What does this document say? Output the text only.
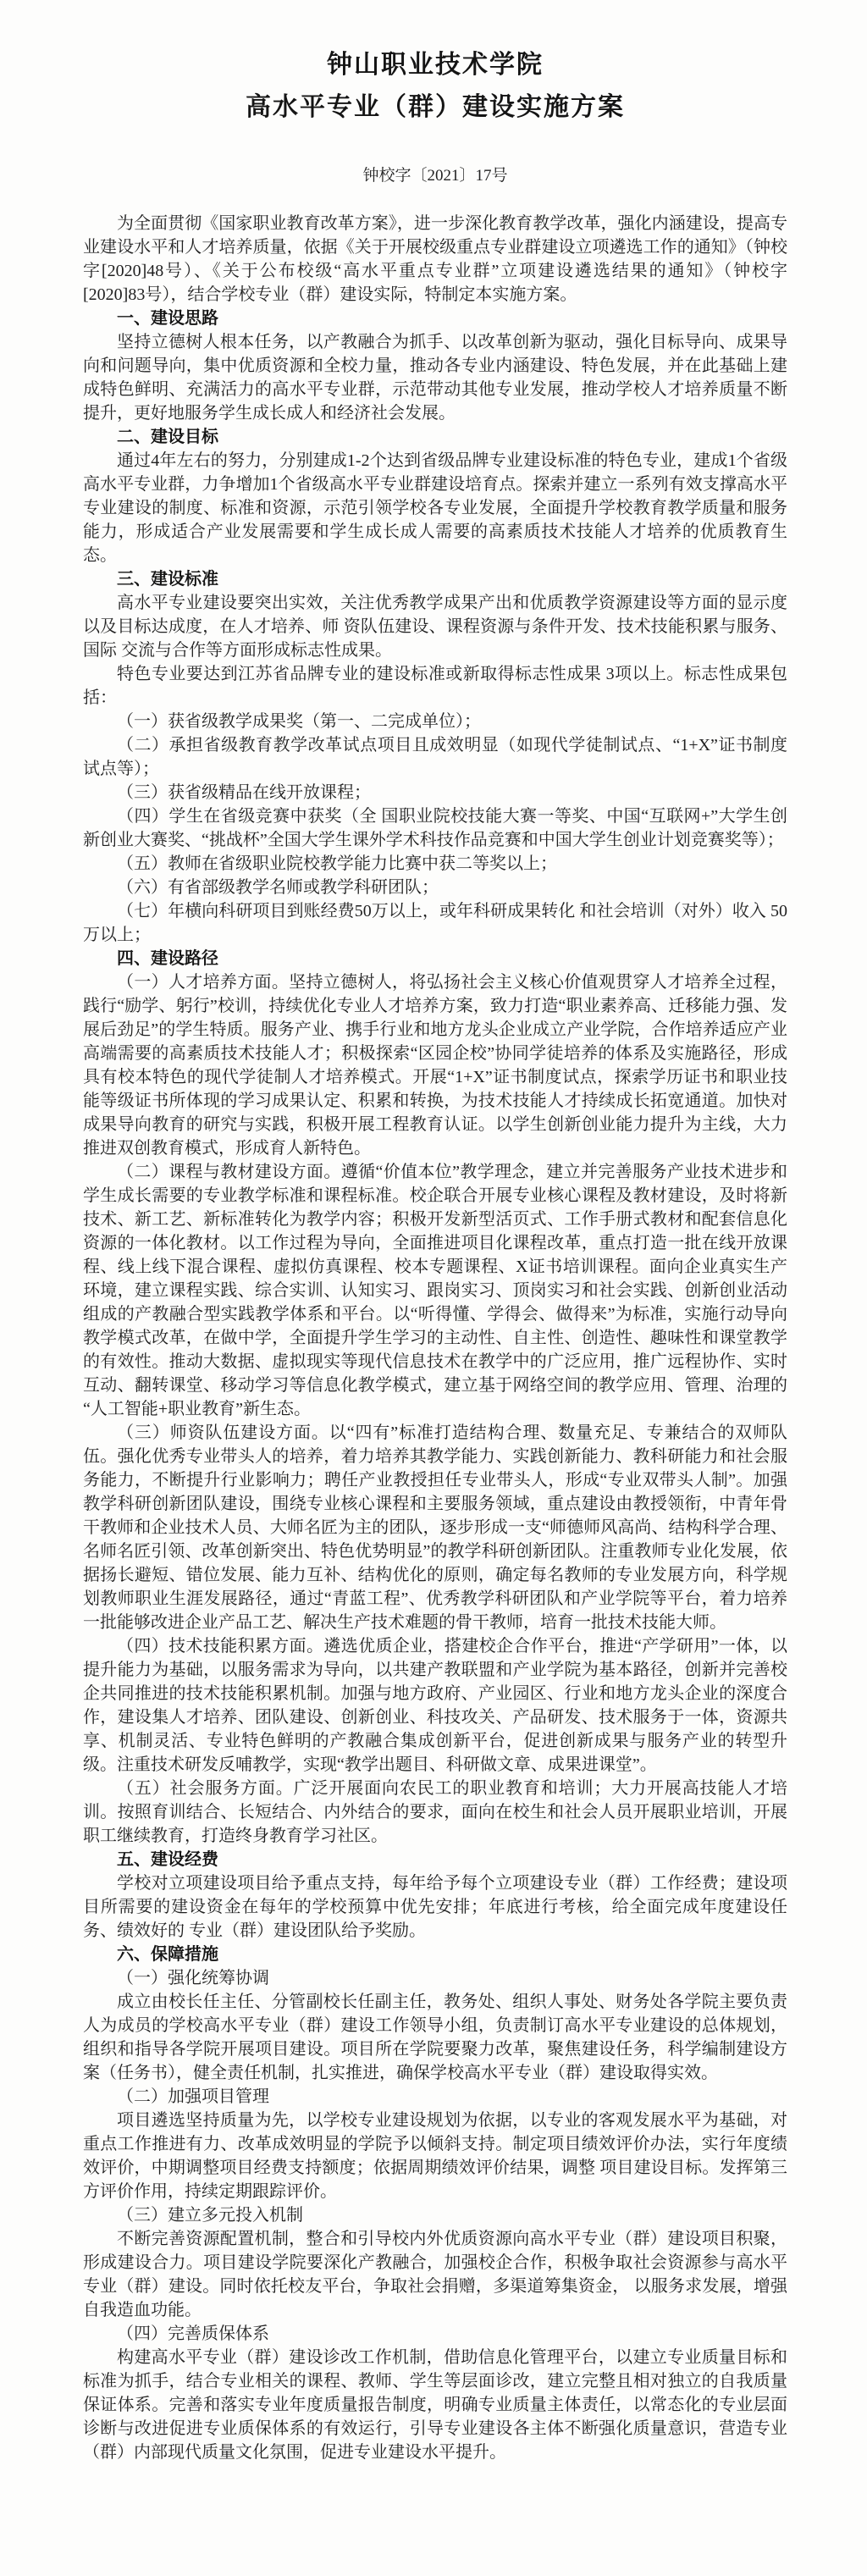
钟山职业技术学院
高水平专业（群）建设实施方案
钟校字〔2021〕17号

为全面贯彻《国家职业教育改革方案》，进一步深化教育教学改革，强化内涵建设，提高专业建设水平和人才培养质量，依据《关于开展校级重点专业群建设立项遴选工作的通知》（钟校字[2020]48号）、《关于公布校级“高水平重点专业群”立项建设遴选结果的通知》（钟校字[2020]83号），结合学校专业（群）建设实际，特制定本实施方案。

一、建设思路

坚持立德树人根本任务，以产教融合为抓手、以改革创新为驱动，强化目标导向、成果导向和问题导向，集中优质资源和全校力量，推动各专业内涵建设、特色发展，并在此基础上建成特色鲜明、充满活力的高水平专业群，示范带动其他专业发展，推动学校人才培养质量不断提升，更好地服务学生成长成人和经济社会发展。

二、建设目标

通过4年左右的努力，分别建成1-2个达到省级品牌专业建设标准的特色专业，建成1个省级高水平专业群，力争增加1个省级高水平专业群建设培育点。探索并建立一系列有效支撑高水平专业建设的制度、标准和资源，示范引领学校各专业发展，全面提升学校教育教学质量和服务能力，形成适合产业发展需要和学生成长成人需要的高素质技术技能人才培养的优质教育生态。

三、建设标准

高水平专业建设要突出实效，关注优秀教学成果产出和优质教学资源建设等方面的显示度以及目标达成度，在人才培养、师 资队伍建设、课程资源与条件开发、技术技能积累与服务、国际 交流与合作等方面形成标志性成果。

特色专业要达到江苏省品牌专业的建设标准或新取得标志性成果 3项以上。标志性成果包括：

（一）获省级教学成果奖（第一、二完成单位）；

（二）承担省级教育教学改革试点项目且成效明显（如现代学徒制试点、“1+X”证书制度试点等）；

（三）获省级精品在线开放课程；

（四）学生在省级竞赛中获奖（全 国职业院校技能大赛一等奖、中国“互联网+”大学生创新创业大赛奖、“挑战杯”全国大学生课外学术科技作品竞赛和中国大学生创业计划竞赛奖等）；

（五）教师在省级职业院校教学能力比赛中获二等奖以上；

（六）有省部级教学名师或教学科研团队；

（七）年横向科研项目到账经费50万以上，或年科研成果转化 和社会培训（对外）收入 50万以上；

四、建设路径

（一）人才培养方面。坚持立德树人，将弘扬社会主义核心价值观贯穿人才培养全过程，践行“励学、躬行”校训，持续优化专业人才培养方案，致力打造“职业素养高、迁移能力强、发展后劲足”的学生特质。服务产业、携手行业和地方龙头企业成立产业学院，合作培养适应产业高端需要的高素质技术技能人才；积极探索“区园企校”协同学徒培养的体系及实施路径，形成具有校本特色的现代学徒制人才培养模式。开展“1+X”证书制度试点，探索学历证书和职业技能等级证书所体现的学习成果认定、积累和转换，为技术技能人才持续成长拓宽通道。加快对成果导向教育的研究与实践，积极开展工程教育认证。以学生创新创业能力提升为主线，大力推进双创教育模式，形成育人新特色。

（二）课程与教材建设方面。遵循“价值本位”教学理念，建立并完善服务产业技术进步和学生成长需要的专业教学标准和课程标准。校企联合开展专业核心课程及教材建设，及时将新技术、新工艺、新标准转化为教学内容；积极开发新型活页式、工作手册式教材和配套信息化资源的一体化教材。以工作过程为导向，全面推进项目化课程改革，重点打造一批在线开放课程、线上线下混合课程、虚拟仿真课程、校本专题课程、X证书培训课程。面向企业真实生产环境，建立课程实践、综合实训、认知实习、跟岗实习、顶岗实习和社会实践、创新创业活动组成的产教融合型实践教学体系和平台。以“听得懂、学得会、做得来”为标准，实施行动导向教学模式改革，在做中学，全面提升学生学习的主动性、自主性、创造性、趣味性和课堂教学的有效性。推动大数据、虚拟现实等现代信息技术在教学中的广泛应用，推广远程协作、实时互动、翻转课堂、移动学习等信息化教学模式，建立基于网络空间的教学应用、管理、治理的“人工智能+职业教育”新生态。

（三）师资队伍建设方面。以“四有”标准打造结构合理、数量充足、专兼结合的双师队伍。强化优秀专业带头人的培养，着力培养其教学能力、实践创新能力、教科研能力和社会服务能力，不断提升行业影响力；聘任产业教授担任专业带头人，形成“专业双带头人制”。加强教学科研创新团队建设，围绕专业核心课程和主要服务领域，重点建设由教授领衔，中青年骨干教师和企业技术人员、大师名匠为主的团队，逐步形成一支“师德师风高尚、结构科学合理、名师名匠引领、改革创新突出、特色优势明显”的教学科研创新团队。注重教师专业化发展，依据扬长避短、错位发展、能力互补、结构优化的原则，确定每名教师的专业发展方向，科学规划教师职业生涯发展路径，通过“青蓝工程”、优秀教学科研团队和产业学院等平台，着力培养一批能够改进企业产品工艺、解决生产技术难题的骨干教师，培育一批技术技能大师。

（四）技术技能积累方面。遴选优质企业，搭建校企合作平台，推进“产学研用”一体，以提升能力为基础，以服务需求为导向，以共建产教联盟和产业学院为基本路径，创新并完善校企共同推进的技术技能积累机制。加强与地方政府、产业园区、行业和地方龙头企业的深度合作，建设集人才培养、团队建设、创新创业、科技攻关、产品研发、技术服务于一体，资源共享、机制灵活、专业特色鲜明的产教融合集成创新平台，促进创新成果与服务产业的转型升级。注重技术研发反哺教学，实现“教学出题目、科研做文章、成果进课堂”。

（五）社会服务方面。广泛开展面向农民工的职业教育和培训；大力开展高技能人才培训。按照育训结合、长短结合、内外结合的要求，面向在校生和社会人员开展职业培训，开展职工继续教育，打造终身教育学习社区。

五、建设经费

学校对立项建设项目给予重点支持，每年给予每个立项建设专业（群）工作经费；建设项目所需要的建设资金在每年的学校预算中优先安排；年底进行考核，给全面完成年度建设任务、绩效好的 专业（群）建设团队给予奖励。

六、保障措施

（一）强化统筹协调

成立由校长任主任、分管副校长任副主任，教务处、组织人事处、财务处各学院主要负责人为成员的学校高水平专业（群）建设工作领导小组，负责制订高水平专业建设的总体规划，组织和指导各学院开展项目建设。项目所在学院要聚力改革，聚焦建设任务，科学编制建设方案（任务书），健全责任机制，扎实推进，确保学校高水平专业（群）建设取得实效。

（二）加强项目管理

项目遴选坚持质量为先，以学校专业建设规划为依据，以专业的客观发展水平为基础，对重点工作推进有力、改革成效明显的学院予以倾斜支持。制定项目绩效评价办法，实行年度绩效评价，中期调整项目经费支持额度；依据周期绩效评价结果，调整 项目建设目标。发挥第三方评价作用，持续定期跟踪评价。

（三）建立多元投入机制

不断完善资源配置机制，整合和引导校内外优质资源向高水平专业（群）建设项目积聚，形成建设合力。项目建设学院要深化产教融合，加强校企合作，积极争取社会资源参与高水平专业（群）建设。同时依托校友平台，争取社会捐赠，多渠道筹集资金， 以服务求发展，增强自我造血功能。

（四）完善质保体系

构建高水平专业（群）建设诊改工作机制，借助信息化管理平台，以建立专业质量目标和标准为抓手，结合专业相关的课程、教师、学生等层面诊改，建立完整且相对独立的自我质量保证体系。完善和落实专业年度质量报告制度，明确专业质量主体责任，以常态化的专业层面诊断与改进促进专业质保体系的有效运行，引导专业建设各主体不断强化质量意识，营造专业（群）内部现代质量文化氛围，促进专业建设水平提升。
